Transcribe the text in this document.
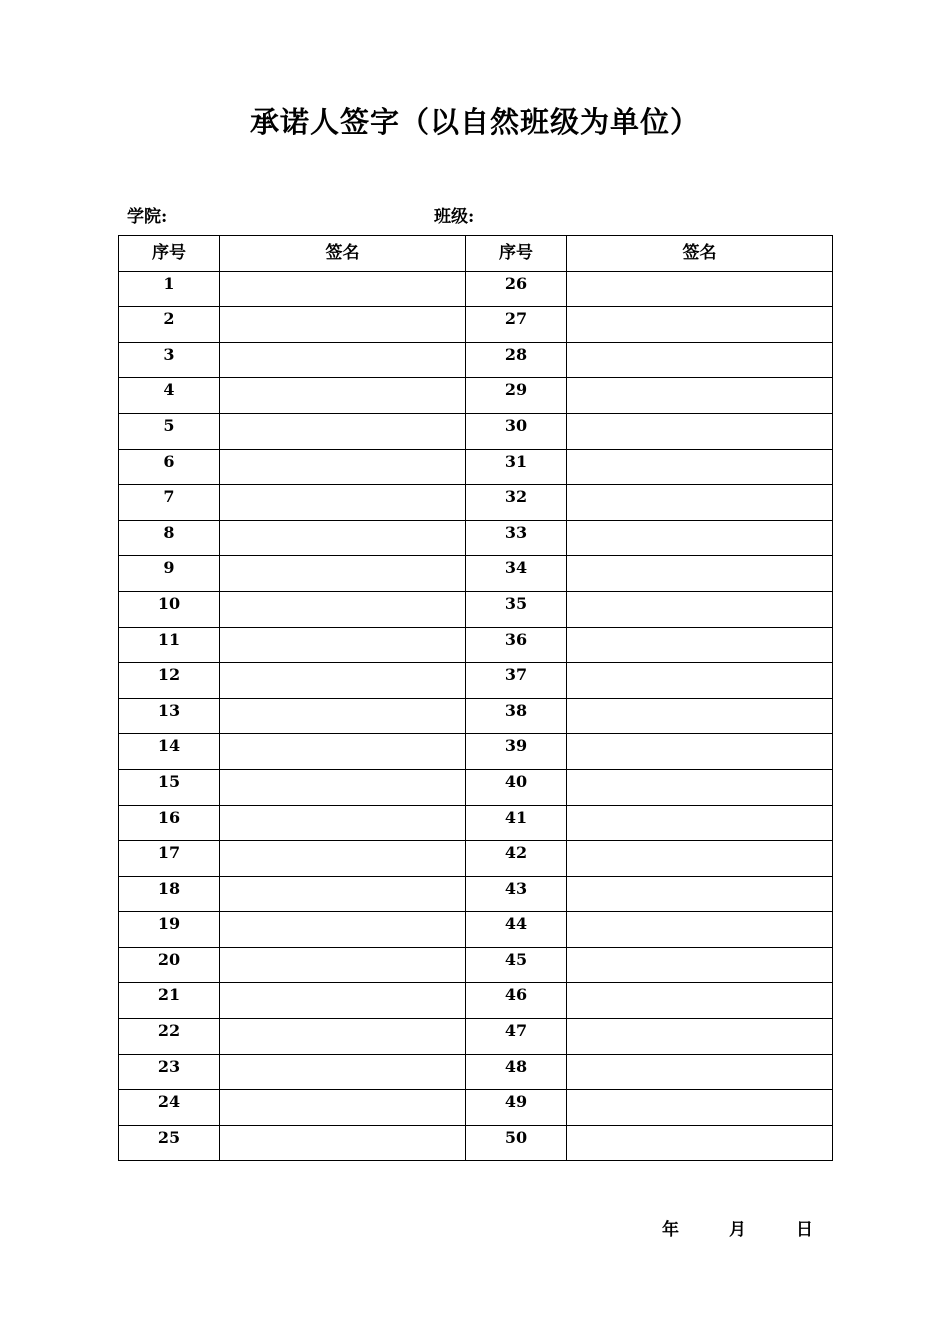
承诺人签字（以自然班级为单位）
学院:	班级:
序号	签名	序号	签名
1		26	
2		27	
3		28	
4		29	
5		30	
6		31	
7		32	
8		33	
9		34	
10		35	
11		36	
12		37	
13		38	
14		39	
15		40	
16		41	
17		42	
18		43	
19		44	
20		45	
21		46	
22		47	
23		48	
24		49	
25		50	
年	月	日
